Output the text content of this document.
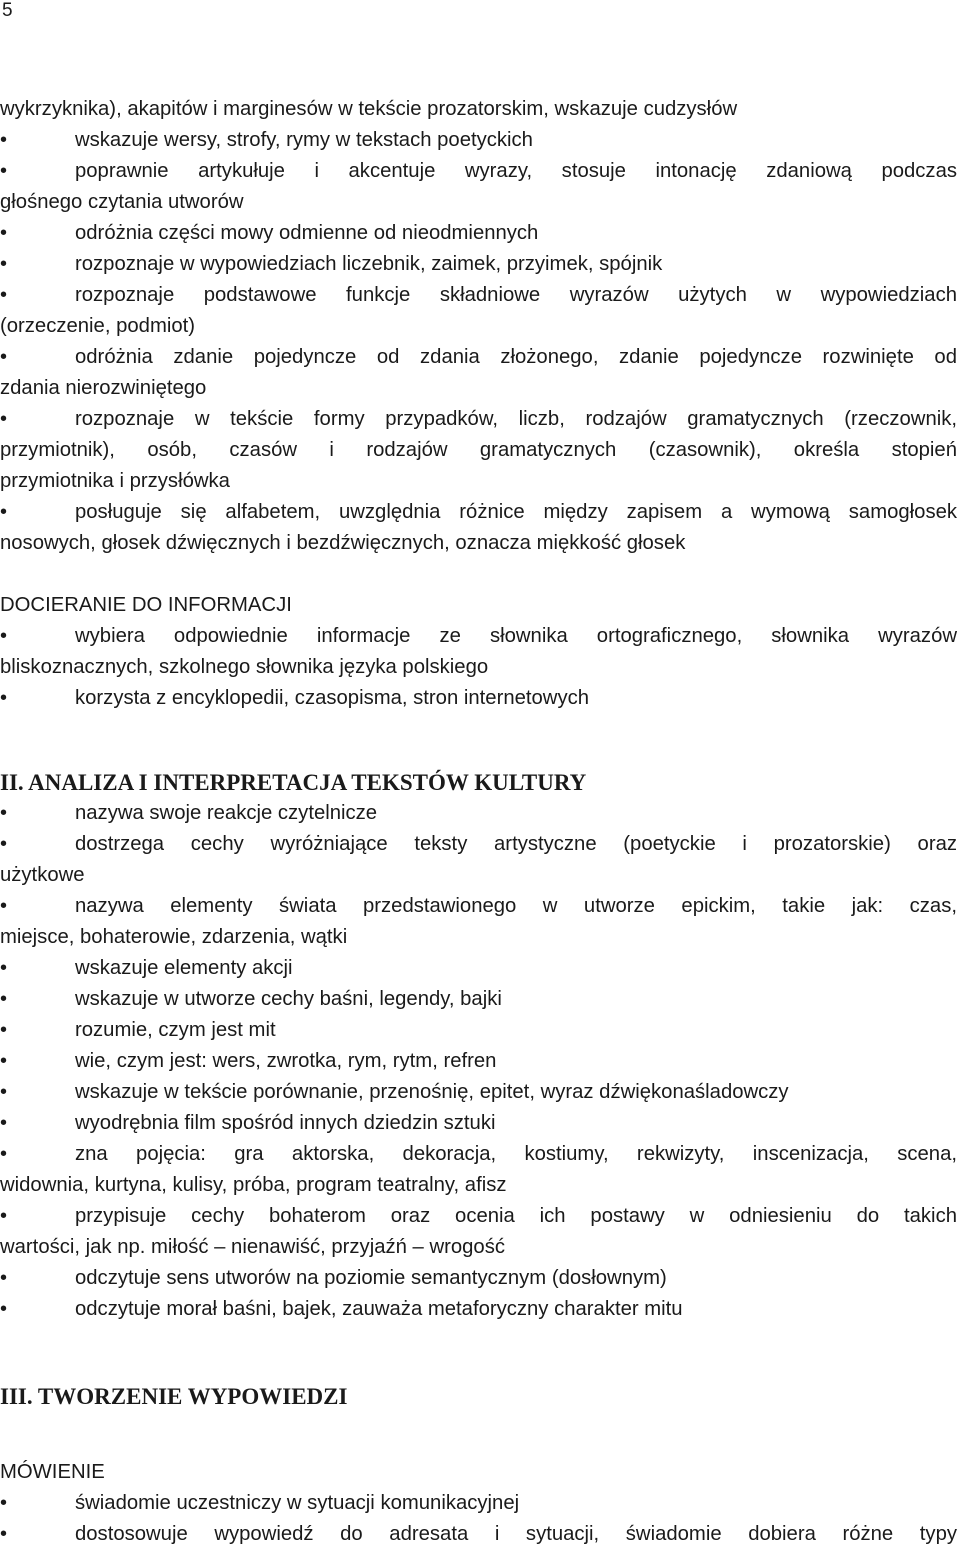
5
wykrzyknika), akapitów i marginesów w tekście prozatorskim, wskazuje cudzysłów
•wskazuje wersy, strofy, rymy w tekstach poetyckich
•poprawnie artykułuje i akcentuje wyrazy, stosuje intonację zdaniową podczas
głośnego czytania utworów
•odróżnia części mowy odmienne od nieodmiennych
•rozpoznaje w wypowiedziach liczebnik, zaimek, przyimek, spójnik
•rozpoznaje podstawowe funkcje składniowe wyrazów użytych w wypowiedziach
(orzeczenie, podmiot)
•odróżnia zdanie pojedyncze od zdania złożonego, zdanie pojedyncze rozwinięte od
zdania nierozwiniętego
•rozpoznaje w tekście formy przypadków, liczb, rodzajów gramatycznych (rzeczownik,
przymiotnik), osób, czasów i rodzajów gramatycznych (czasownik), określa stopień
przymiotnika i przysłówka
•posługuje się alfabetem, uwzględnia różnice między zapisem a wymową samogłosek
nosowych, głosek dźwięcznych i bezdźwięcznych, oznacza miękkość głosek
DOCIERANIE DO INFORMACJI
•wybiera odpowiednie informacje ze słownika ortograficznego, słownika wyrazów
bliskoznacznych, szkolnego słownika języka polskiego
•korzysta z encyklopedii, czasopisma, stron internetowych
II. ANALIZA I INTERPRETACJA TEKSTÓW KULTURY
•nazywa swoje reakcje czytelnicze
•dostrzega cechy wyróżniające teksty artystyczne (poetyckie i prozatorskie) oraz
użytkowe
•nazywa elementy świata przedstawionego w utworze epickim, takie jak: czas,
miejsce, bohaterowie, zdarzenia, wątki
•wskazuje elementy akcji
•wskazuje w utworze cechy baśni, legendy, bajki
•rozumie, czym jest mit
•wie, czym jest: wers, zwrotka, rym, rytm, refren
•wskazuje w tekście porównanie, przenośnię, epitet, wyraz dźwiękonaśladowczy
•wyodrębnia film spośród innych dziedzin sztuki
•zna pojęcia: gra aktorska, dekoracja, kostiumy, rekwizyty, inscenizacja, scena,
widownia, kurtyna, kulisy, próba, program teatralny, afisz
•przypisuje cechy bohaterom oraz ocenia ich postawy w odniesieniu do takich
wartości, jak np. miłość – nienawiść, przyjaźń – wrogość
•odczytuje sens utworów na poziomie semantycznym (dosłownym)
•odczytuje morał baśni, bajek, zauważa metaforyczny charakter mitu
III. TWORZENIE WYPOWIEDZI
MÓWIENIE
•świadomie uczestniczy w sytuacji komunikacyjnej
•dostosowuje wypowiedź do adresata i sytuacji, świadomie dobiera różne typy
